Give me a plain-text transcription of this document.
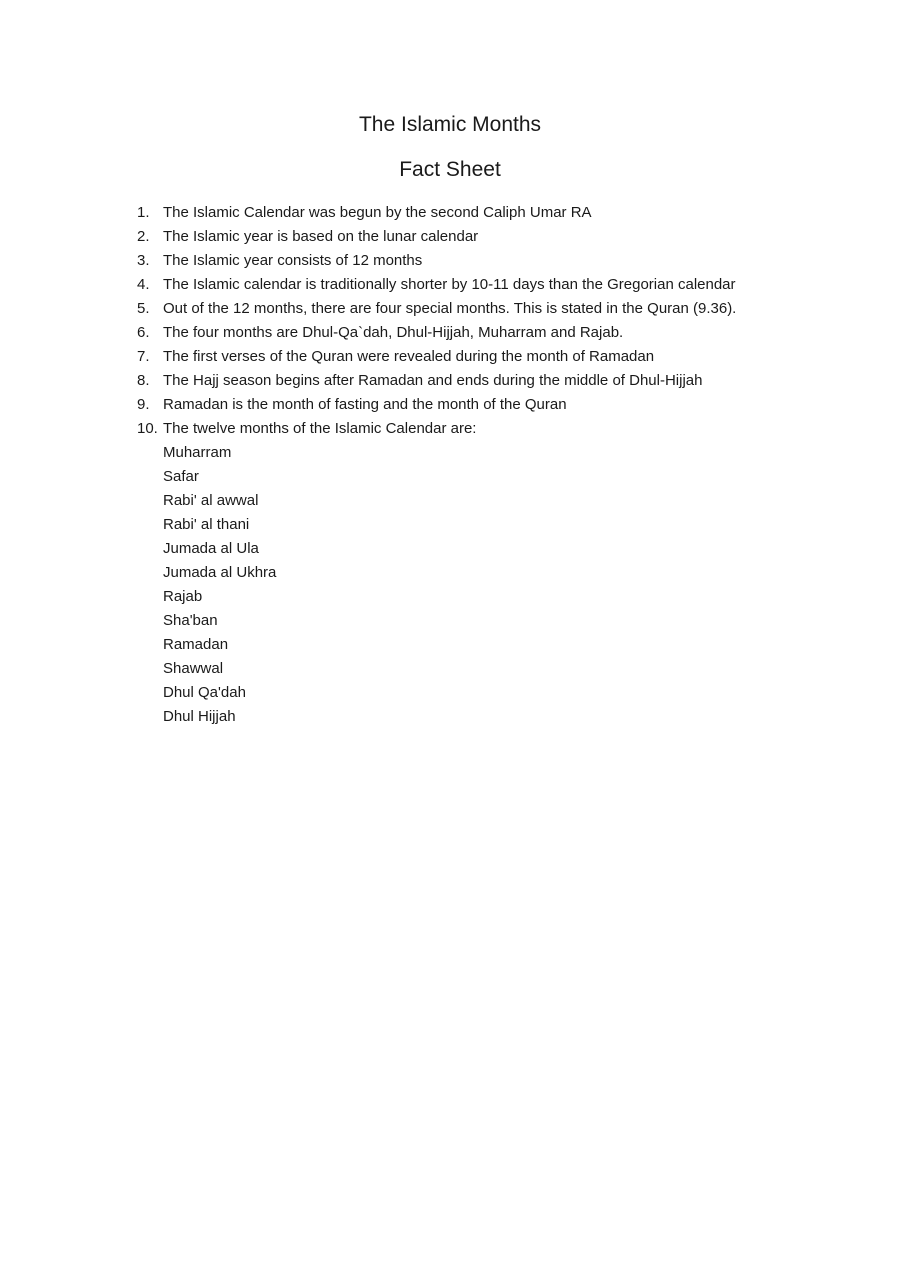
The Islamic Months
Fact Sheet
1. The Islamic Calendar was begun by the second Caliph Umar RA
2. The Islamic year is based on the lunar calendar
3. The Islamic year consists of 12 months
4. The Islamic calendar is traditionally shorter by 10-11 days than the Gregorian calendar
5. Out of the 12 months, there are four special months. This is stated in the Quran (9.36).
6. The four months are Dhul-Qa`dah, Dhul-Hijjah, Muharram and Rajab.
7. The first verses of the Quran were revealed during the month of Ramadan
8. The Hajj season begins after Ramadan and ends during the middle of Dhul-Hijjah
9. Ramadan is the month of fasting and the month of the Quran
10. The twelve months of the Islamic Calendar are:
Muharram
Safar
Rabi' al awwal
Rabi' al thani
Jumada al Ula
Jumada al Ukhra
Rajab
Sha'ban
Ramadan
Shawwal
Dhul Qa'dah
Dhul Hijjah
